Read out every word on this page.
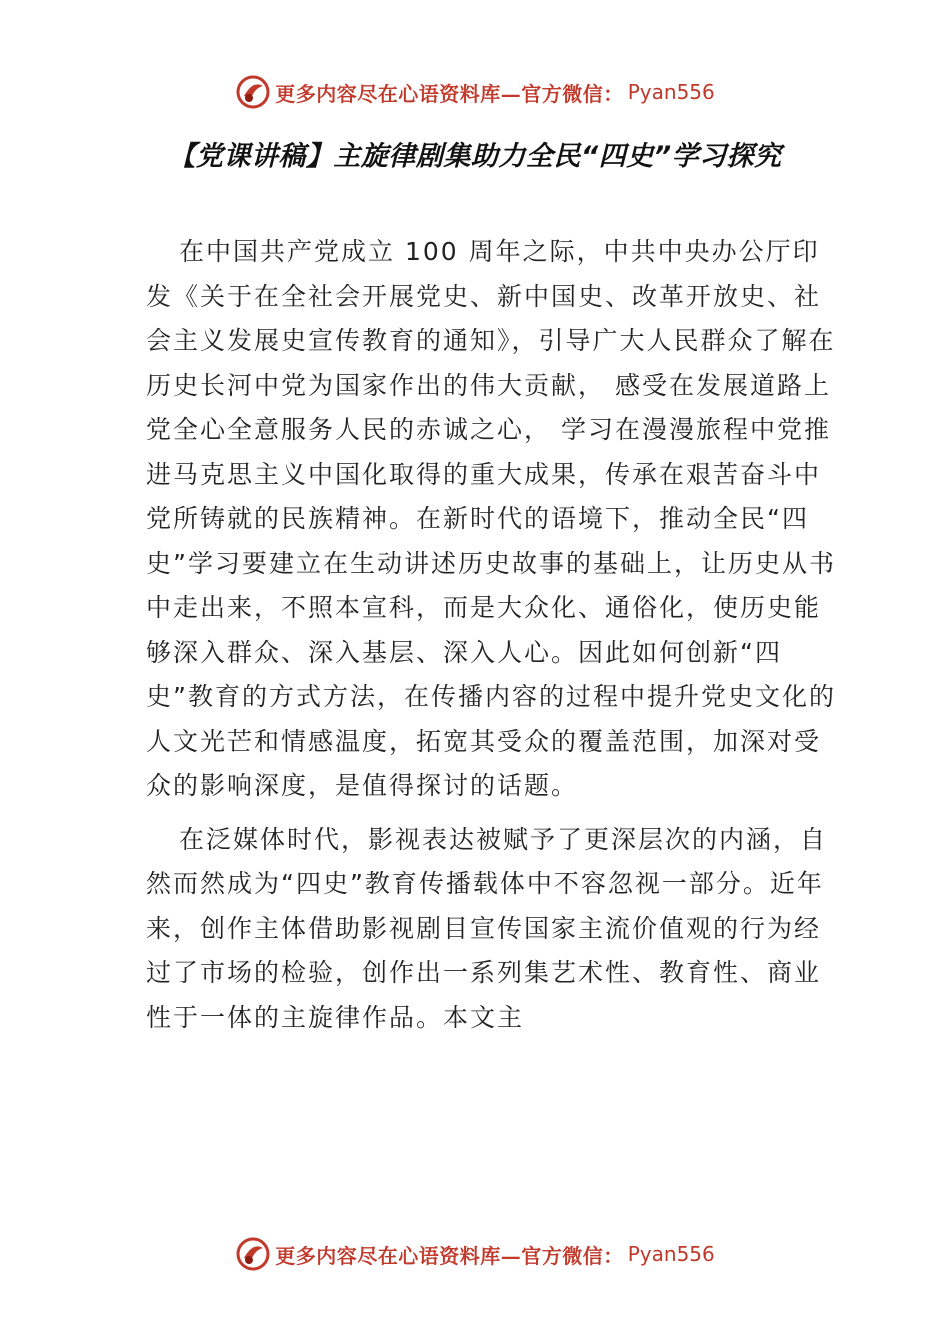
更多内容尽在心语资料库—官方微信： Pyan556
【党课讲稿】主旋律剧集助力全民“四史”学习探究

在中国共产党成立 100 周年之际，中共中央办公厅印发《关于在全社会开展党史、新中国史、改革开放史、社会主义发展史宣传教育的通知》，引导广大人民群众了解在历史长河中党为国家作出的伟大贡献， 感受在发展道路上党全心全意服务人民的赤诚之心， 学习在漫漫旅程中党推进马克思主义中国化取得的重大成果，传承在艰苦奋斗中党所铸就的民族精神。在新时代的语境下，推动全民“四史”学习要建立在生动讲述历史故事的基础上，让历史从书中走出来，不照本宣科，而是大众化、通俗化，使历史能够深入群众、深入基层、深入人心。因此如何创新“四史”教育的方式方法，在传播内容的过程中提升党史文化的人文光芒和情感温度，拓宽其受众的覆盖范围，加深对受众的影响深度，是值得探讨的话题。

在泛媒体时代，影视表达被赋予了更深层次的内涵，自然而然成为“四史”教育传播载体中不容忽视一部分。近年来，创作主体借助影视剧目宣传国家主流价值观的行为经过了市场的检验，创作出一系列集艺术性、教育性、商业性于一体的主旋律作品。本文主

更多内容尽在心语资料库—官方微信： Pyan556
